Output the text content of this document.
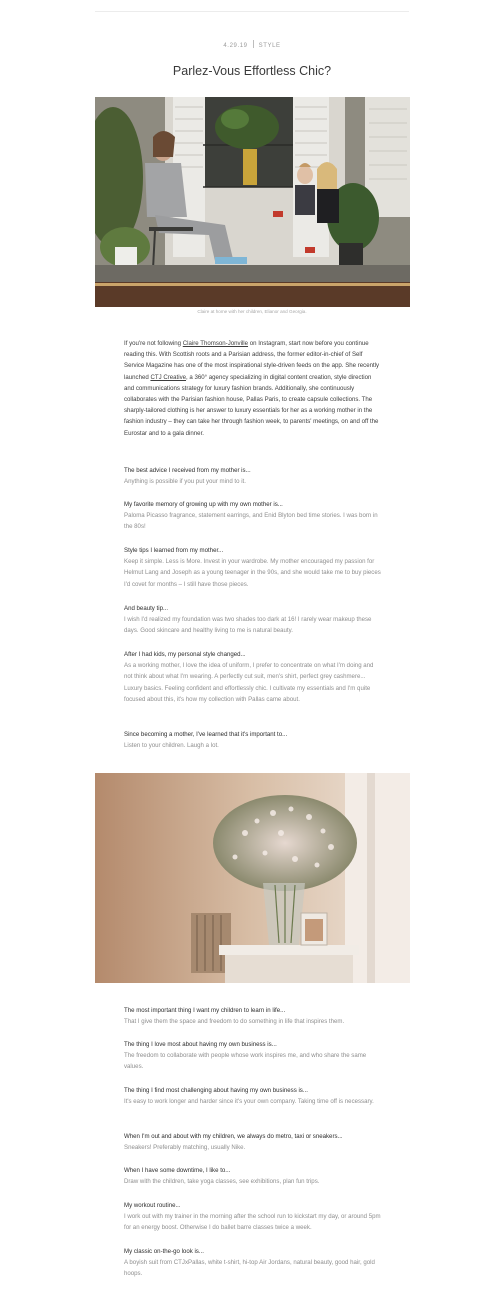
4.29.19 STYLE
Parlez-Vous Effortless Chic?
Claire at home with her children, Elianor and Georgia.

If you're not following Claire Thomson-Jonville on Instagram, start now before you continue reading this. With Scottish roots and a Parisian address, the former editor-in-chief of Self Service Magazine has one of the most inspirational style-driven feeds on the app. She recently launched CTJ Creative, a 360° agency specializing in digital content creation, style direction and communications strategy for luxury fashion brands. Additionally, she continuously collaborates with the Parisian fashion house, Pallas Paris, to create capsule collections. The sharply-tailored clothing is her answer to luxury essentials for her as a working mother in the fashion industry – they can take her through fashion week, to parents' meetings, on and off the Eurostar and to a gala dinner.

The best advice I received from my mother is...
Anything is possible if you put your mind to it.
My favorite memory of growing up with my own mother is...
Paloma Picasso fragrance, statement earrings, and Enid Blyton bed time stories. I was born in the 80s!
Style tips I learned from my mother...
Keep it simple. Less is More. Invest in your wardrobe. My mother encouraged my passion for Helmut Lang and Joseph as a young teenager in the 90s, and she would take me to buy pieces I'd covet for months – I still have those pieces.
And beauty tip...
I wish I'd realized my foundation was two shades too dark at 16! I rarely wear makeup these days. Good skincare and healthy living to me is natural beauty.
After I had kids, my personal style changed...
As a working mother, I love the idea of uniform, I prefer to concentrate on what I'm doing and not think about what I'm wearing. A perfectly cut suit, men's shirt, perfect grey cashmere... Luxury basics. Feeling confident and effortlessly chic. I cultivate my essentials and I'm quite focused about this, it's how my collection with Pallas came about.
Since becoming a mother, I've learned that it's important to...
Listen to your children. Laugh a lot.
The most important thing I want my children to learn in life...
That I give them the space and freedom to do something in life that inspires them.
The thing I love most about having my own business is...
The freedom to collaborate with people whose work inspires me, and who share the same values.
The thing I find most challenging about having my own business is...
It's easy to work longer and harder since it's your own company. Taking time off is necessary.
When I'm out and about with my children, we always do metro, taxi or sneakers...
Sneakers! Preferably matching, usually Nike.
When I have some downtime, I like to...
Draw with the children, take yoga classes, see exhibitions, plan fun trips.
My workout routine...
I work out with my trainer in the morning after the school run to kickstart my day, or around 5pm for an energy boost. Otherwise I do ballet barre classes twice a week.
My classic on-the-go look is...
A boyish suit from CTJxPallas, white t-shirt, hi-top Air Jordans, natural beauty, good hair, gold hoops.
